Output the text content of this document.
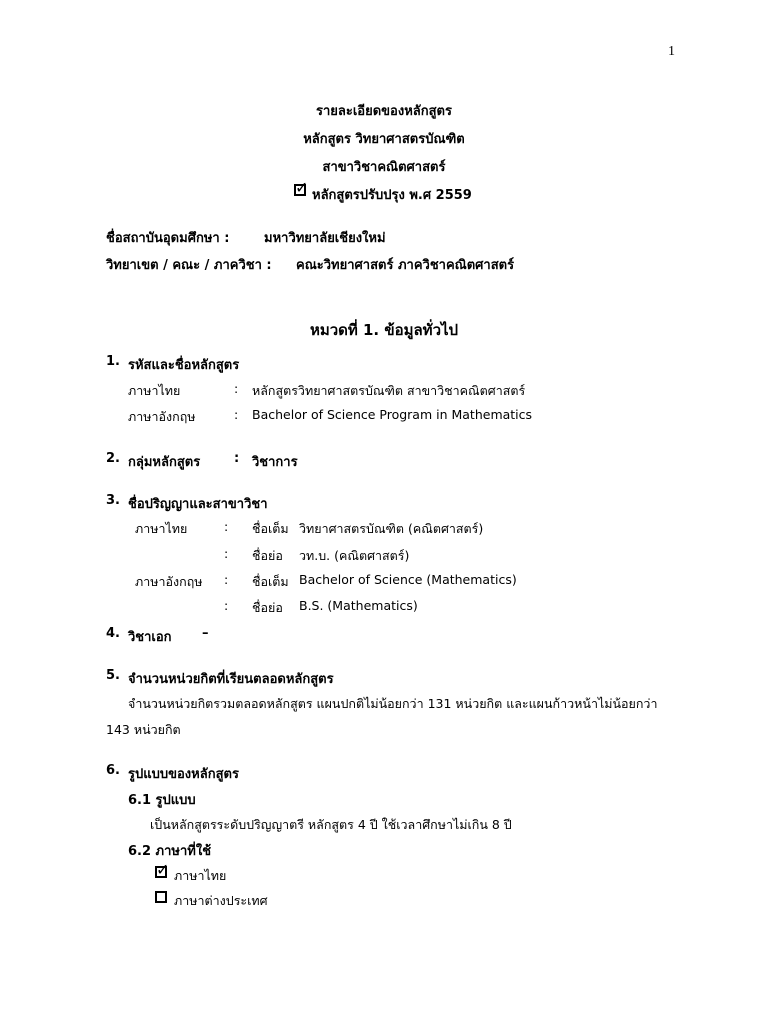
1
รายละเอียดของหลักสูตร
หลักสูตร วิทยาศาสตรบัณฑิต
สาขาวิชาคณิตศาสตร์
✓ หลักสูตรปรับปรุง พ.ศ 2559
ชื่อสถาบันอุดมศึกษา :	มหาวิทยาลัยเชียงใหม่
วิทยาเขต / คณะ / ภาควิชา : คณะวิทยาศาสตร์ ภาควิชาคณิตศาสตร์
หมวดที่ 1. ข้อมูลทั่วไป
1. รหัสและชื่อหลักสูตร
ภาษาไทย	: หลักสูตรวิทยาศาสตรบัณฑิต สาขาวิชาคณิตศาสตร์
ภาษาอังกฤษ	: Bachelor of Science Program in Mathematics
2. กลุ่มหลักสูตร	: วิชาการ
3. ชื่อปริญญาและสาขาวิชา
ภาษาไทย	: ชื่อเต็ม วิทยาศาสตรบัณฑิต (คณิตศาสตร์)
: ชื่อย่อ วท.บ. (คณิตศาสตร์)
ภาษาอังกฤษ : ชื่อเต็ม Bachelor of Science (Mathematics)
: ชื่อย่อ B.S. (Mathematics)
4. วิชาเอก –
5. จำนวนหน่วยกิตที่เรียนตลอดหลักสูตร
จำนวนหน่วยกิตรวมตลอดหลักสูตร แผนปกติไม่น้อยกว่า 131 หน่วยกิต และแผนก้าวหน้าไม่น้อยกว่า
143 หน่วยกิต
6. รูปแบบของหลักสูตร
6.1 รูปแบบ
เป็นหลักสูตรระดับปริญญาตรี หลักสูตร 4 ปี ใช้เวลาศึกษาไม่เกิน 8 ปี
6.2 ภาษาที่ใช้
✓ ภาษาไทย
ภาษาต่างประเทศ
